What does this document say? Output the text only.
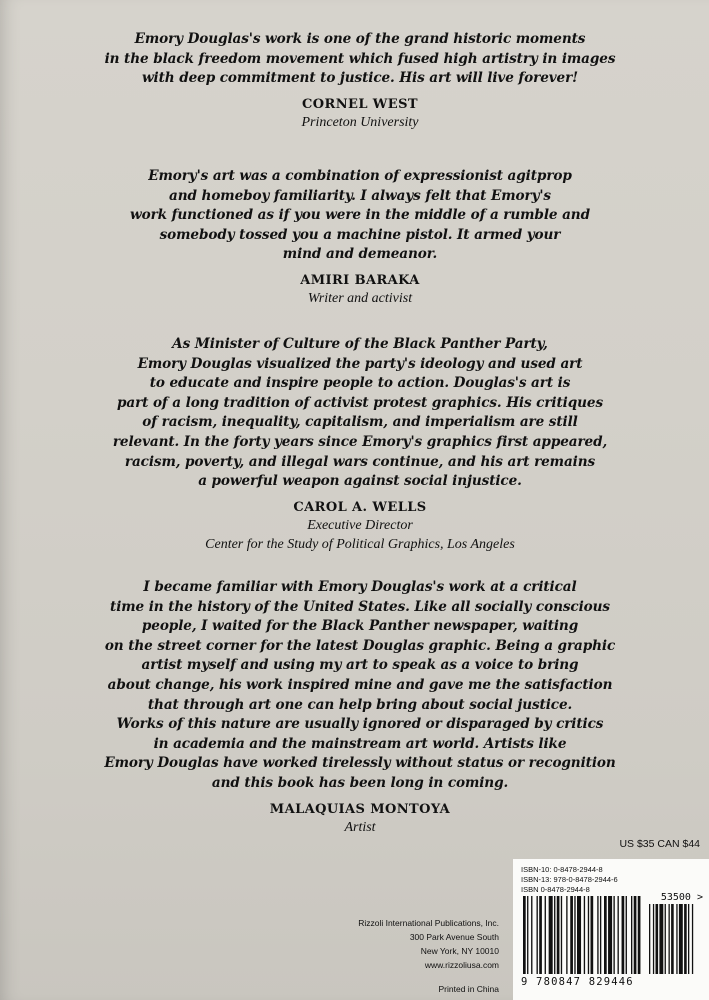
Emory Douglas's work is one of the grand historic moments
in the black freedom movement which fused high artistry in images
with deep commitment to justice. His art will live forever!

CORNEL WEST
Princeton University

Emory's art was a combination of expressionist agitprop
and homeboy familiarity. I always felt that Emory's
work functioned as if you were in the middle of a rumble and
somebody tossed you a machine pistol. It armed your
mind and demeanor.

AMIRI BARAKA
Writer and activist

As Minister of Culture of the Black Panther Party,
Emory Douglas visualized the party's ideology and used art
to educate and inspire people to action. Douglas's art is
part of a long tradition of activist protest graphics. His critiques
of racism, inequality, capitalism, and imperialism are still
relevant. In the forty years since Emory's graphics first appeared,
racism, poverty, and illegal wars continue, and his art remains
a powerful weapon against social injustice.

CAROL A. WELLS
Executive Director
Center for the Study of Political Graphics, Los Angeles

I became familiar with Emory Douglas's work at a critical
time in the history of the United States. Like all socially conscious
people, I waited for the Black Panther newspaper, waiting
on the street corner for the latest Douglas graphic. Being a graphic
artist myself and using my art to speak as a voice to bring
about change, his work inspired mine and gave me the satisfaction
that through art one can help bring about social justice.
Works of this nature are usually ignored or disparaged by critics
in academia and the mainstream art world. Artists like
Emory Douglas have worked tirelessly without status or recognition
and this book has been long in coming.

MALAQUIAS MONTOYA
Artist
US $35 CAN $44
Rizzoli International Publications, Inc.
300 Park Avenue South
New York, NY 10010
www.rizzoliusa.com
Printed in China
ISBN-10: 0-8478-2944-8
ISBN-13: 978-0-8478-2944-6
ISBN 0-8478-2944-8
53500 >
9 780847 829446
